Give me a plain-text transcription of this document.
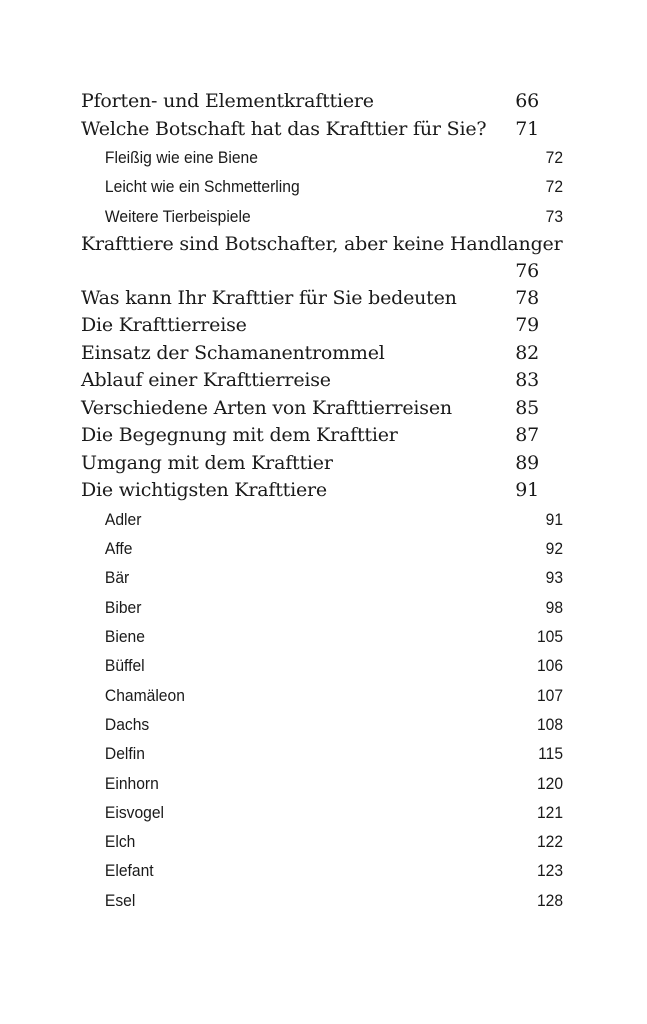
Pforten- und Elementkrafttiere	66
Welche Botschaft hat das Krafttier für Sie?	71
Fleißig wie eine Biene	72
Leicht wie ein Schmetterling	72
Weitere Tierbeispiele	73
Krafttiere sind Botschafter, aber keine Handlanger
76
Was kann Ihr Krafttier für Sie bedeuten	78
Die Krafttierreise	79
Einsatz der Schamanentrommel	82
Ablauf einer Krafttierreise	83
Verschiedene Arten von Krafttierreisen	85
Die Begegnung mit dem Krafttier	87
Umgang mit dem Krafttier	89
Die wichtigsten Krafttiere	91
Adler	91
Affe	92
Bär	93
Biber	98
Biene	105
Büffel	106
Chamäleon	107
Dachs	108
Delfin	115
Einhorn	120
Eisvogel	121
Elch	122
Elefant	123
Esel	128
